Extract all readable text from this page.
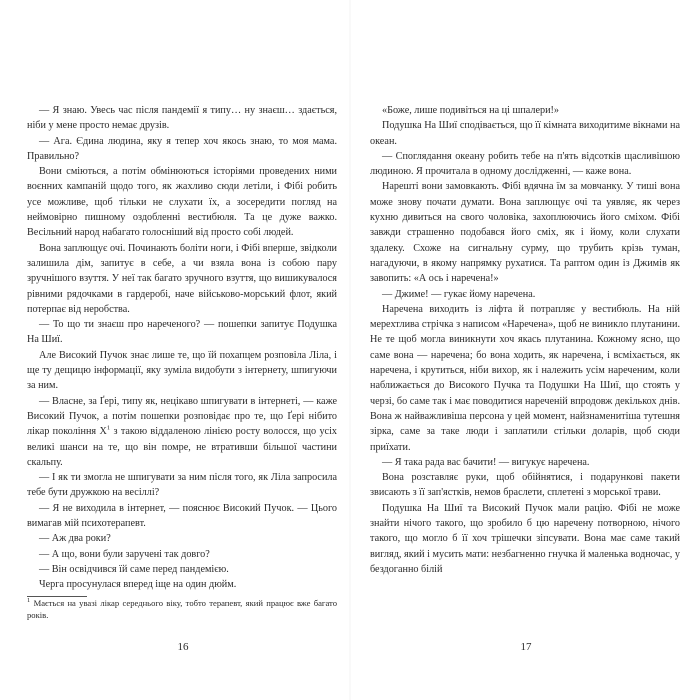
— Я знаю. Увесь час після пандемії я типу… ну знаєш… здається, ніби у мене просто немає друзів.

— Ага. Єдина людина, яку я тепер хоч якось знаю, то моя мама. Правильно?

Вони сміються, а потім обмінюються історіями проведених ними воєнних кампаній щодо того, як жахливо сюди летіли, і Фібі робить усе можливе, щоб тільки не слухати їх, а зосередити погляд на неймовірно пишному оздобленні вестибюля. Та це дуже важко. Весільний народ набагато голосніший від просто собі людей.

Вона заплющує очі. Починають боліти ноги, і Фібі вперше, звідколи залишила дім, запитує в себе, а чи взяла вона із собою пару зручнішого взуття. У неї так багато зручного взуття, що вишикувалося рівними рядочками в гардеробі, наче військово-морський флот, який потерпає від неробства.

— То що ти знаєш про нареченого? — пошепки запитує Подушка На Шиї.

Але Високий Пучок знає лише те, що їй похапцем розповіла Ліла, і ще ту дещицю інформації, яку зуміла видобути з інтернету, шпигуючи за ним.

— Власне, за Ґері, типу як, нецікаво шпигувати в інтернеті, — каже Високий Пучок, а потім пошепки розповідає про те, що Ґері нібито лікар покоління $Х^1$ з такою віддаленою лінією росту волосся, що усіх великі шанси на те, що він помре, не втративши більшої частини скальпу.

— І як ти змогла не шпигувати за ним після того, як Ліла запросила тебе бути дружкою на весіллі?

— Я не виходила в інтернет, — пояснює Високий Пучок. — Цього вимагав мій психотерапевт.

— Аж два роки?

— А що, вони були заручені так довго?

— Він освідчився їй саме перед пандемією.

Черга просунулася вперед іще на один дюйм.

$^1$ Мається на увазі лікар середнього віку, тобто терапевт, який працює вже багато років.

«Боже, лише подивіться на ці шпалери!»

Подушка На Шиї сподівається, що її кімната виходитиме вікнами на океан.

— Споглядання океану робить тебе на п'ять відсотків щасливішою людиною. Я прочитала в одному дослідженні, — каже вона.

Нарешті вони замовкають. Фібі вдячна їм за мовчанку. У тиші вона може знову почати думати. Вона заплющує очі та уявляє, як через кухню дивиться на свого чоловіка, захоплюючись його сміхом. Фібі завжди страшенно подобався його сміх, як і йому, коли слухати здалеку. Схоже на сигнальну сурму, що трубить крізь туман, нагадуючи, в якому напрямку рухатися. Та раптом один із Джимів як завопить: «А ось і наречена!»

— Джиме! — гукає йому наречена.

Наречена виходить із ліфта й потрапляє у вестибюль. На ній мерехтлива стрічка з написом «Наречена», щоб не виникло плутанини. Не те щоб могла виникнути хоч якась плутанина. Кожному ясно, що саме вона — наречена; бо вона ходить, як наречена, і всміхається, як наречена, і крутиться, ніби вихор, як і належить усім нареченим, коли наближається до Високого Пучка та Подушки На Шиї, що стоять у черзі, бо саме так і має поводитися нареченій впродовж декількох днів. Вона ж найважливіша персона у цей момент, найзнаменитіша тутешня зірка, саме за таке люди і заплатили стільки доларів, щоб сюди приїхати.

— Я така рада вас бачити! — вигукує наречена.

Вона розставляє руки, щоб обійнятися, і подарункові пакети звисають з її зап'ястків, немов браслети, сплетені з морської трави.

Подушка На Шиї та Високий Пучок мали рацію. Фібі не може знайти нічого такого, що зробило б цю наречену потворною, нічого такого, що могло б її хоч трішечки зіпсувати. Вона має саме такий вигляд, який і мусить мати: незбагненно гнучка й маленька водночас, у бездоганно білій

16	17
